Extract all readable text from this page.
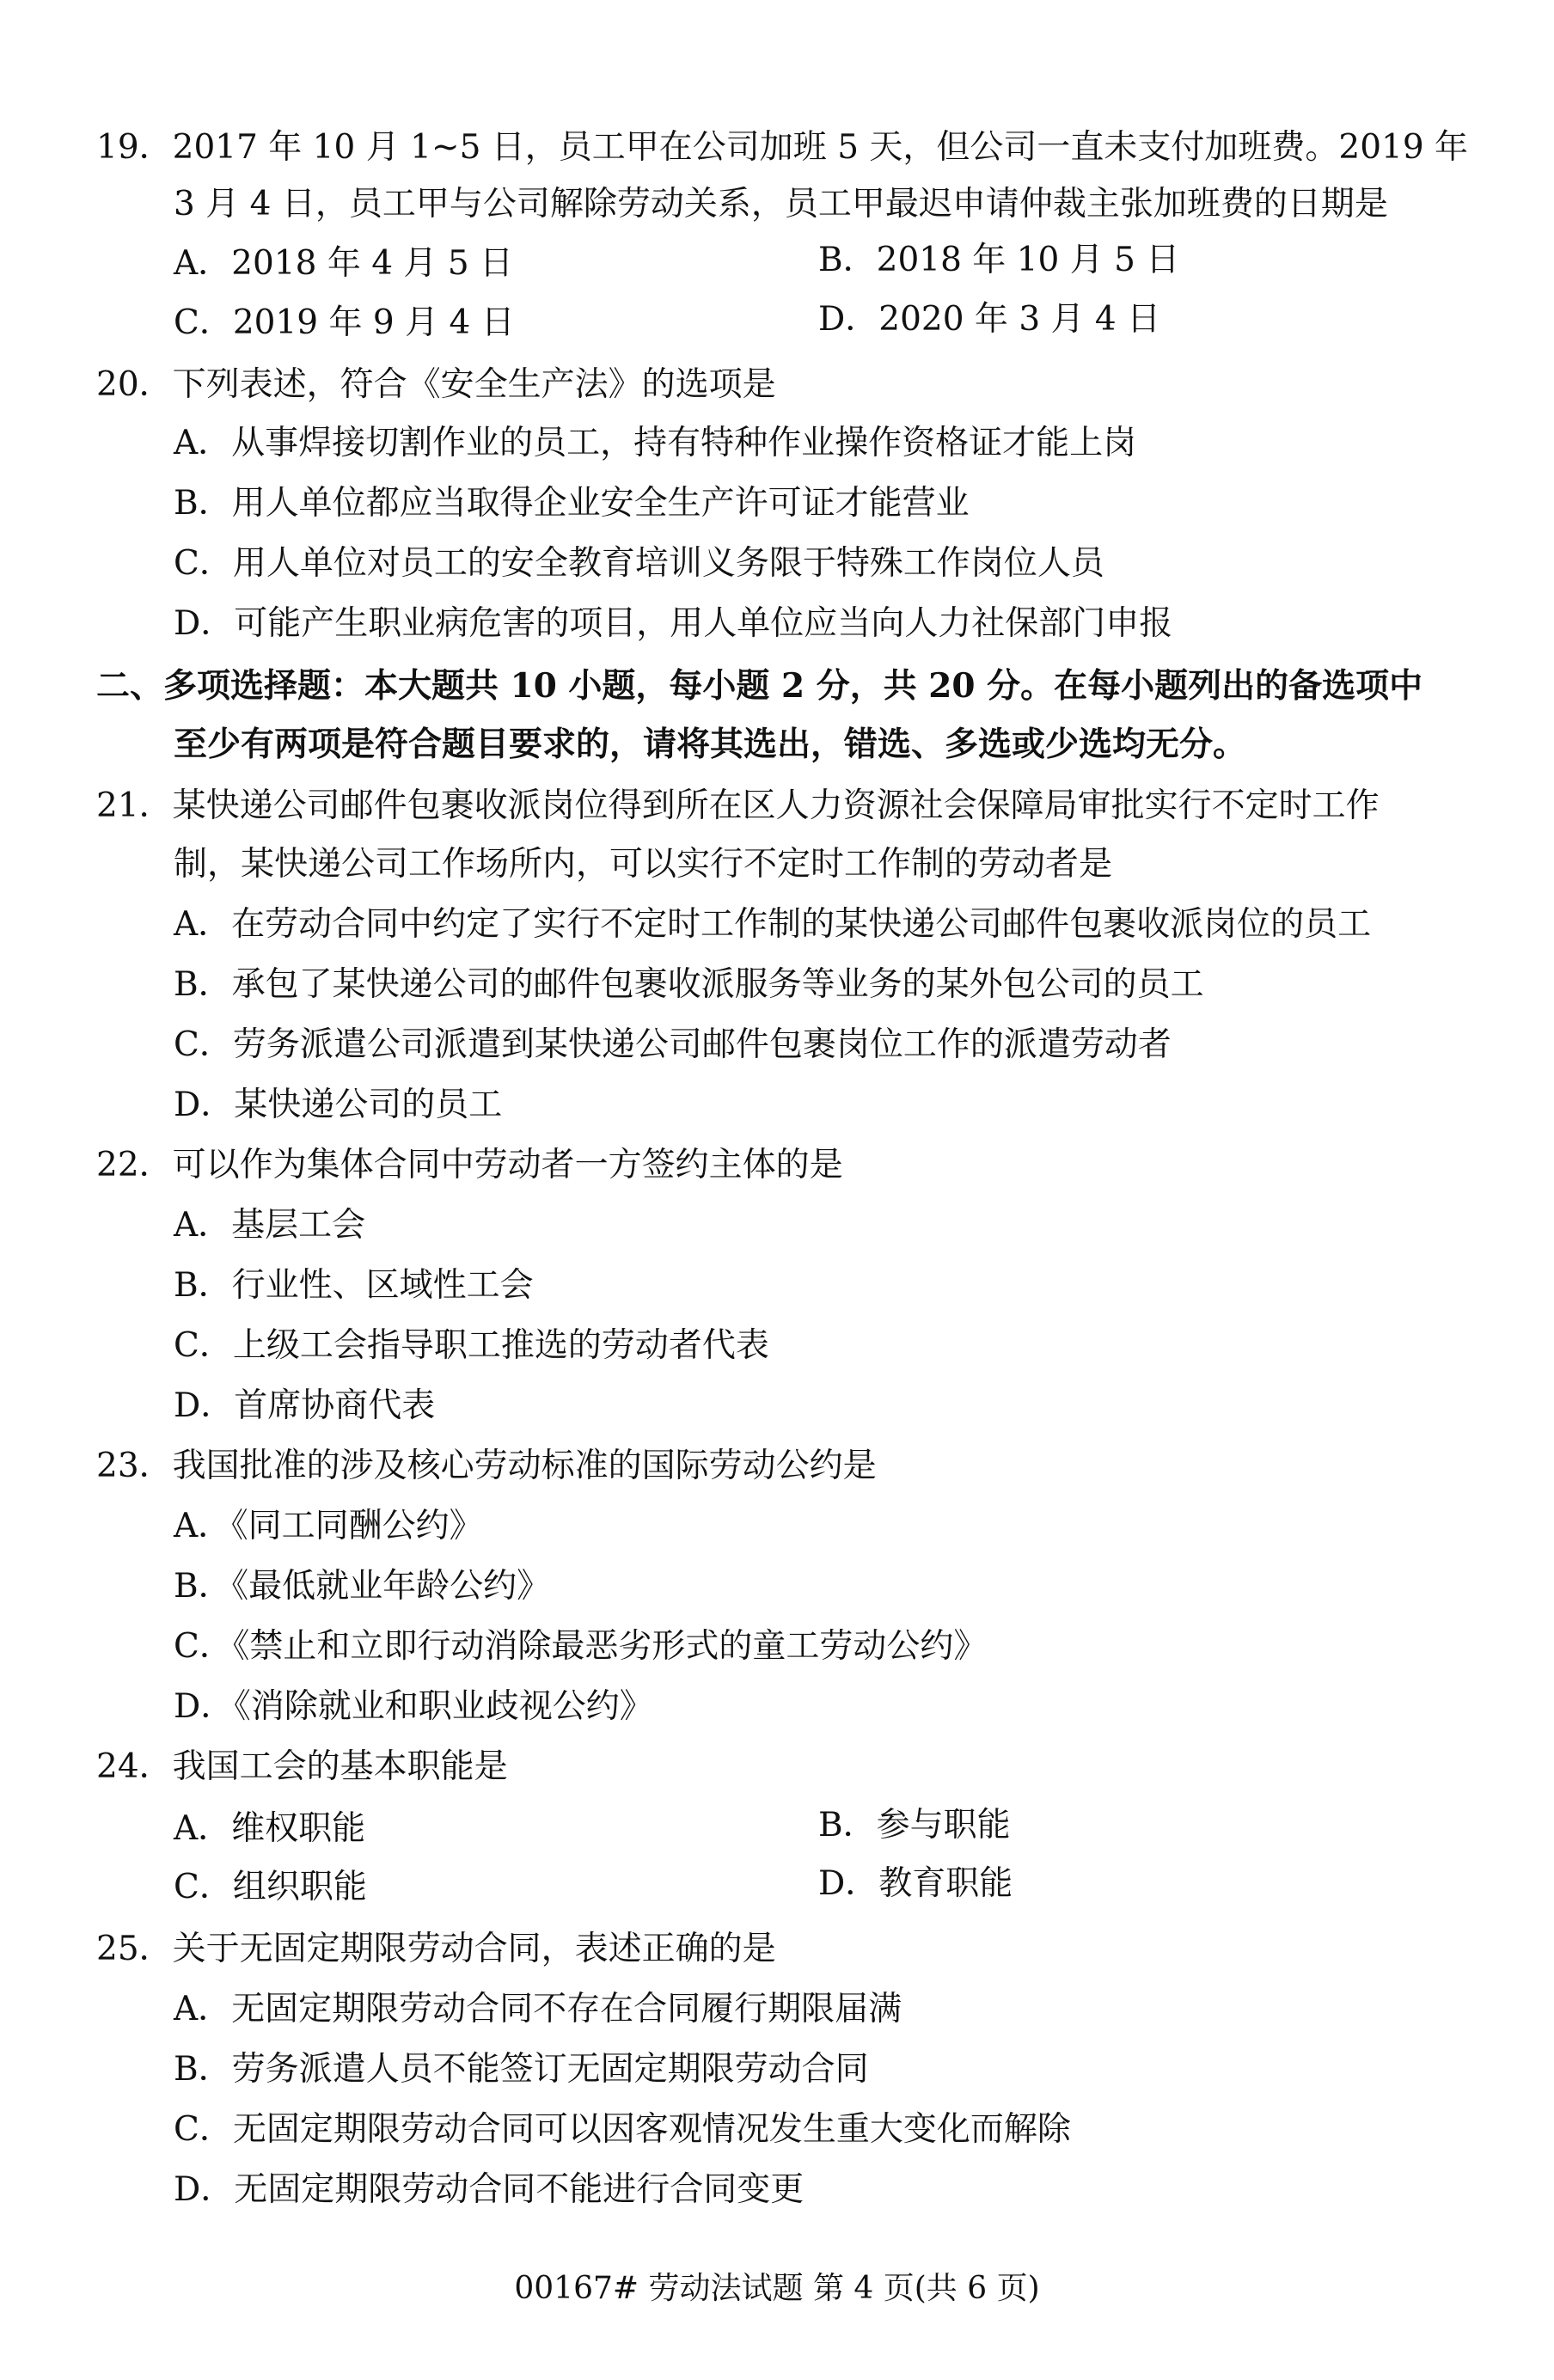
19．2017 年 10 月 1~5 日，员工甲在公司加班 5 天，但公司一直未支付加班费。2019 年
3 月 4 日，员工甲与公司解除劳动关系，员工甲最迟申请仲裁主张加班费的日期是
A．2018 年 4 月 5 日	B．2018 年 10 月 5 日
C．2019 年 9 月 4 日	D．2020 年 3 月 4 日
20．下列表述，符合《安全生产法》的选项是
A．从事焊接切割作业的员工，持有特种作业操作资格证才能上岗
B．用人单位都应当取得企业安全生产许可证才能营业
C．用人单位对员工的安全教育培训义务限于特殊工作岗位人员
D．可能产生职业病危害的项目，用人单位应当向人力社保部门申报
二、多项选择题：本大题共 10 小题，每小题 2 分，共 20 分。在每小题列出的备选项中
至少有两项是符合题目要求的，请将其选出，错选、多选或少选均无分。
21．某快递公司邮件包裹收派岗位得到所在区人力资源社会保障局审批实行不定时工作
制，某快递公司工作场所内，可以实行不定时工作制的劳动者是
A．在劳动合同中约定了实行不定时工作制的某快递公司邮件包裹收派岗位的员工
B．承包了某快递公司的邮件包裹收派服务等业务的某外包公司的员工
C．劳务派遣公司派遣到某快递公司邮件包裹岗位工作的派遣劳动者
D．某快递公司的员工
22．可以作为集体合同中劳动者一方签约主体的是
A．基层工会
B．行业性、区域性工会
C．上级工会指导职工推选的劳动者代表
D．首席协商代表
23．我国批准的涉及核心劳动标准的国际劳动公约是
A．《同工同酬公约》
B．《最低就业年龄公约》
C．《禁止和立即行动消除最恶劣形式的童工劳动公约》
D．《消除就业和职业歧视公约》
24．我国工会的基本职能是
A．维权职能	B．参与职能
C．组织职能	D．教育职能
25．关于无固定期限劳动合同，表述正确的是
A．无固定期限劳动合同不存在合同履行期限届满
B．劳务派遣人员不能签订无固定期限劳动合同
C．无固定期限劳动合同可以因客观情况发生重大变化而解除
D．无固定期限劳动合同不能进行合同变更
00167# 劳动法试题 第 4 页(共 6 页)
